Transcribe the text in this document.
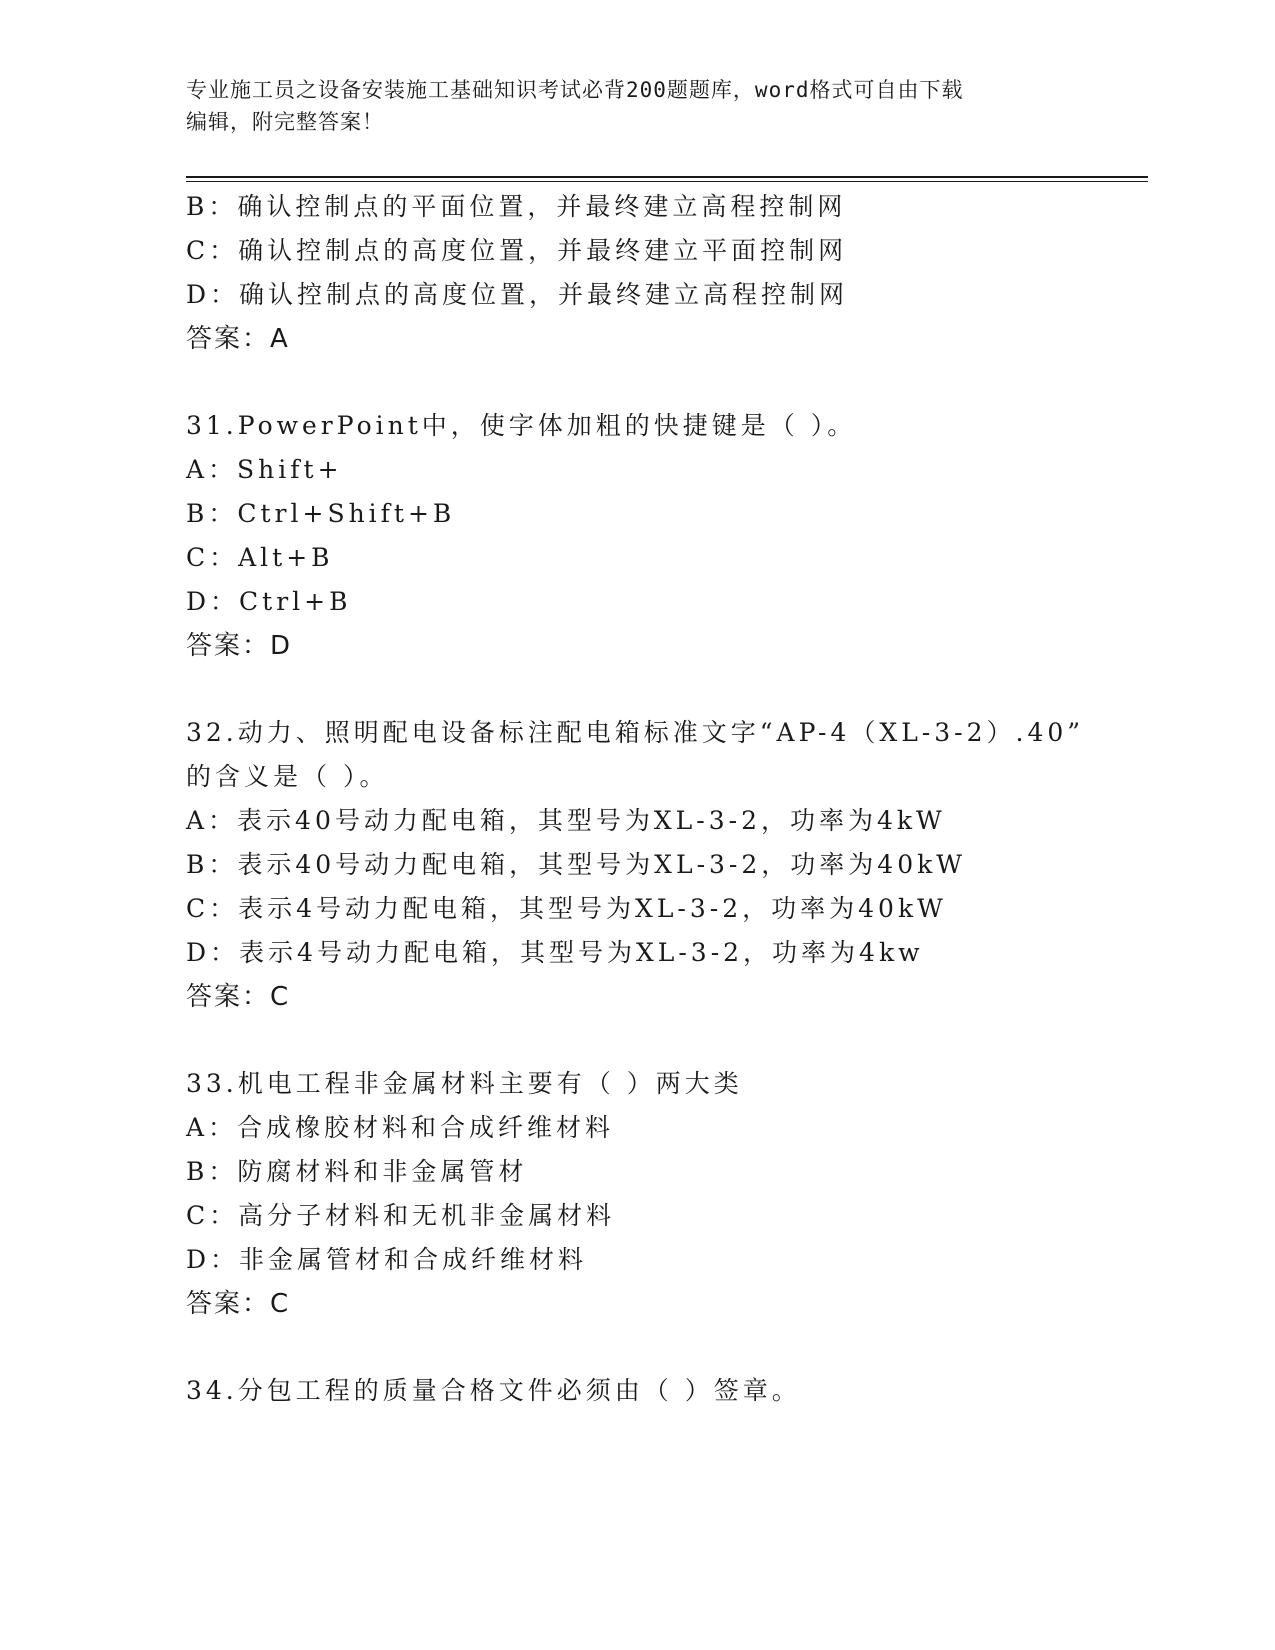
专业施工员之设备安装施工基础知识考试必背200题题库，word格式可自由下载
编辑，附完整答案！
B：确认控制点的平面位置，并最终建立高程控制网
C：确认控制点的高度位置，并最终建立平面控制网
D：确认控制点的高度位置，并最终建立高程控制网
答案：A
31.PowerPoint中，使字体加粗的快捷键是（ ）。
A：Shift+
B：Ctrl+Shift+B
C：Alt+B
D：Ctrl+B
答案：D
32.动力、照明配电设备标注配电箱标准文字“AP-4（XL-3-2）.40”
的含义是（ ）。
A：表示40号动力配电箱，其型号为XL-3-2，功率为4kW
B：表示40号动力配电箱，其型号为XL-3-2，功率为40kW
C：表示4号动力配电箱，其型号为XL-3-2，功率为40kW
D：表示4号动力配电箱，其型号为XL-3-2，功率为4kw
答案：C
33.机电工程非金属材料主要有（ ）两大类
A：合成橡胶材料和合成纤维材料
B：防腐材料和非金属管材
C：高分子材料和无机非金属材料
D：非金属管材和合成纤维材料
答案：C
34.分包工程的质量合格文件必须由（ ）签章。
